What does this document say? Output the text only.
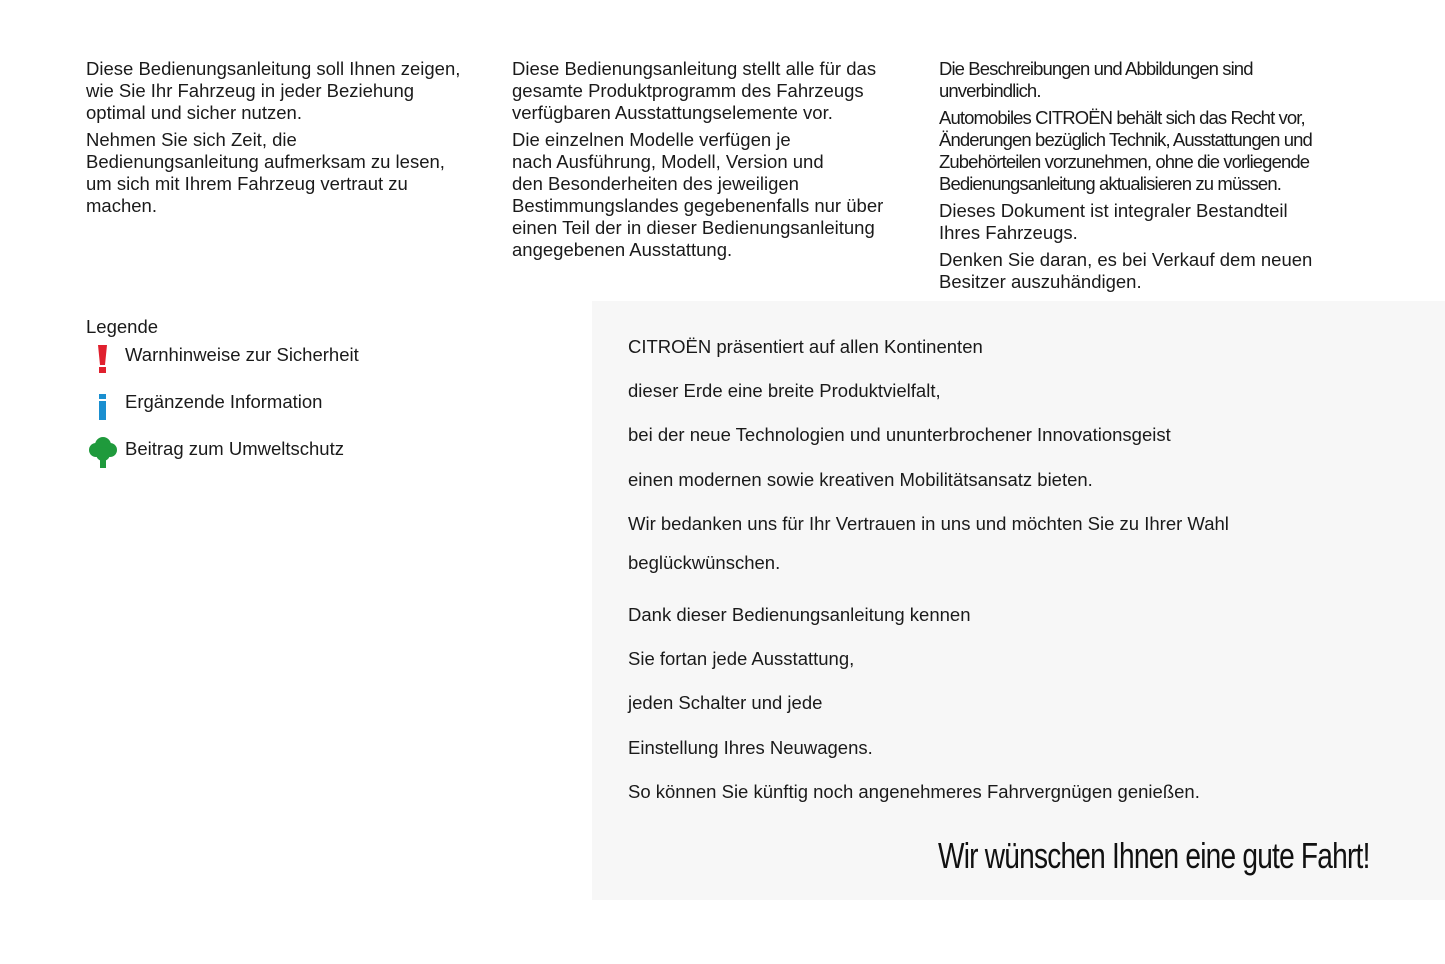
Diese Bedienungsanleitung soll Ihnen zeigen,
wie Sie Ihr Fahrzeug in jeder Beziehung
optimal und sicher nutzen.

Nehmen Sie sich Zeit, die
Bedienungsanleitung aufmerksam zu lesen,
um sich mit Ihrem Fahrzeug vertraut zu
machen.

Diese Bedienungsanleitung stellt alle für das
gesamte Produktprogramm des Fahrzeugs
verfügbaren Ausstattungselemente vor.

Die einzelnen Modelle verfügen je
nach Ausführung, Modell, Version und
den Besonderheiten des jeweiligen
Bestimmungslandes gegebenenfalls nur über
einen Teil der in dieser Bedienungsanleitung
angegebenen Ausstattung.

Die Beschreibungen und Abbildungen sind
unverbindlich.

Automobiles CITROËN behält sich das Recht vor,
Änderungen bezüglich Technik, Ausstattungen und
Zubehörteilen vorzunehmen, ohne die vorliegende
Bedienungsanleitung aktualisieren zu müssen.

Dieses Dokument ist integraler Bestandteil
Ihres Fahrzeugs.

Denken Sie daran, es bei Verkauf dem neuen
Besitzer auszuhändigen.

Legende
Warnhinweise zur Sicherheit
Ergänzende Information
Beitrag zum Umweltschutz
CITROËN präsentiert auf allen Kontinenten
dieser Erde eine breite Produktvielfalt,
bei der neue Technologien und ununterbrochener Innovationsgeist
einen modernen sowie kreativen Mobilitätsansatz bieten.
Wir bedanken uns für Ihr Vertrauen in uns und möchten Sie zu Ihrer Wahl
beglückwünschen.
Dank dieser Bedienungsanleitung kennen
Sie fortan jede Ausstattung,
jeden Schalter und jede
Einstellung Ihres Neuwagens.
So können Sie künftig noch angenehmeres Fahrvergnügen genießen.
Wir wünschen Ihnen eine gute Fahrt!
